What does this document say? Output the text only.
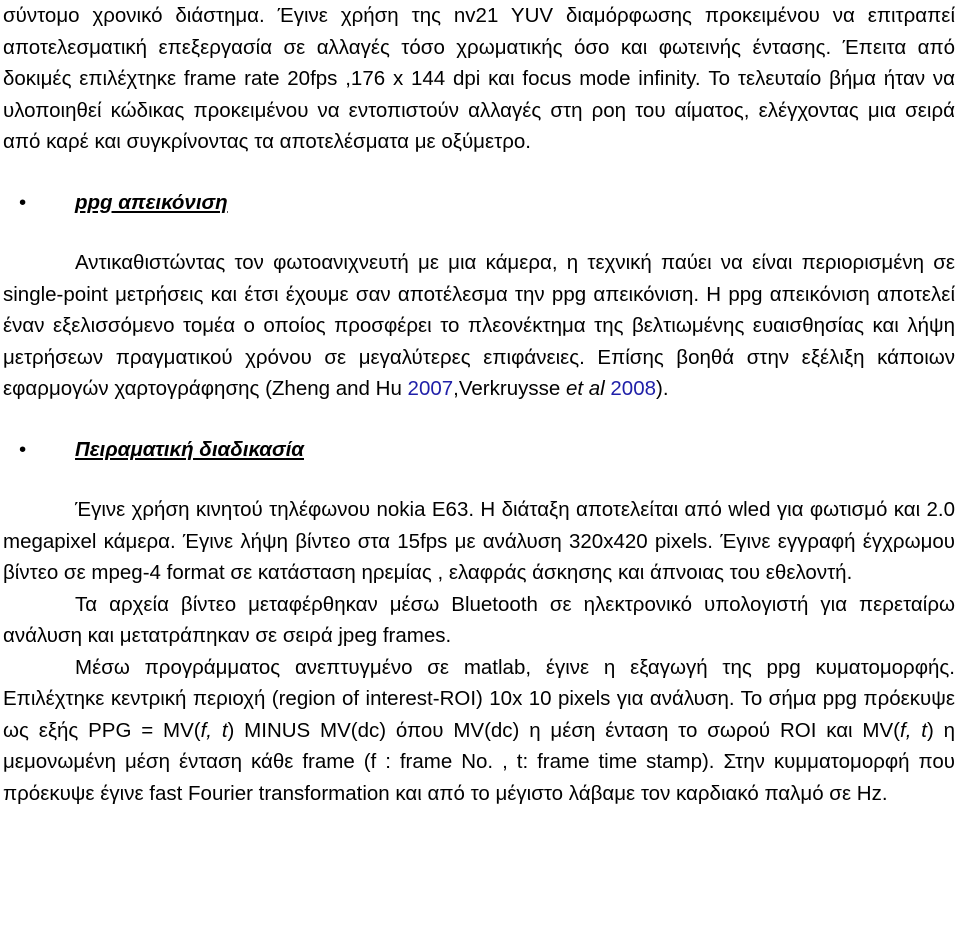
σύντομο χρονικό διάστημα. Έγινε χρήση της nv21 YUV διαμόρφωσης προκειμένου να επιτραπεί αποτελεσματική επεξεργασία σε αλλαγές τόσο χρωματικής όσο και φωτεινής έντασης. Έπειτα από δοκιμές επιλέχτηκε frame rate 20fps ,176 x 144 dpi και focus mode infinity. Το τελευταίο βήμα ήταν να υλοποιηθεί κώδικας προκειμένου να εντοπιστούν αλλαγές στη ροη του αίματος, ελέγχοντας μια σειρά από καρέ και συγκρίνοντας τα αποτελέσματα με οξύμετρο.

• ppg απεικόνιση

Αντικαθιστώντας τον φωτοανιχνευτή με μια κάμερα, η τεχνική παύει να είναι περιορισμένη σε single-point μετρήσεις και έτσι έχουμε σαν αποτέλεσμα την ppg απεικόνιση. Η ppg απεικόνιση αποτελεί έναν εξελισσόμενο τομέα ο οποίος προσφέρει το πλεονέκτημα της βελτιωμένης ευαισθησίας και λήψη μετρήσεων πραγματικού χρόνου σε μεγαλύτερες επιφάνειες. Επίσης βοηθά στην εξέλιξη κάποιων εφαρμογών χαρτογράφησης (Zheng and Hu 2007,Verkruysse et al 2008).

• Πειραματική διαδικασία

Έγινε χρήση κινητού τηλέφωνου nokia E63. Η διάταξη αποτελείται από wled για φωτισμό και 2.0 megapixel κάμερα. Έγινε λήψη βίντεο στα 15fps με ανάλυση 320x420 pixels. Έγινε εγγραφή έγχρωμου βίντεο σε mpeg-4 format σε κατάσταση ηρεμίας , ελαφράς άσκησης και άπνοιας του εθελοντή.

Τα αρχεία βίντεο μεταφέρθηκαν μέσω Bluetooth σε ηλεκτρονικό υπολογιστή για περεταίρω ανάλυση και μετατράπηκαν σε σειρά jpeg frames.

Μέσω προγράμματος ανεπτυγμένο σε matlab, έγινε η εξαγωγή της ppg κυματομορφής. Επιλέχτηκε κεντρική περιοχή (region of interest-ROI) 10x 10 pixels για ανάλυση. Το σήμα ppg πρόεκυψε ως εξής PPG = MV(f, t) MINUS MV(dc) όπου MV(dc) η μέση ένταση το σωρού ROI και MV(f, t) η μεμονωμένη μέση ένταση κάθε frame (f : frame No. , t: frame time stamp). Στην κυμματομορφή που πρόεκυψε έγινε fast Fourier transformation και από το μέγιστο λάβαμε τον καρδιακό παλμό σε Hz.
